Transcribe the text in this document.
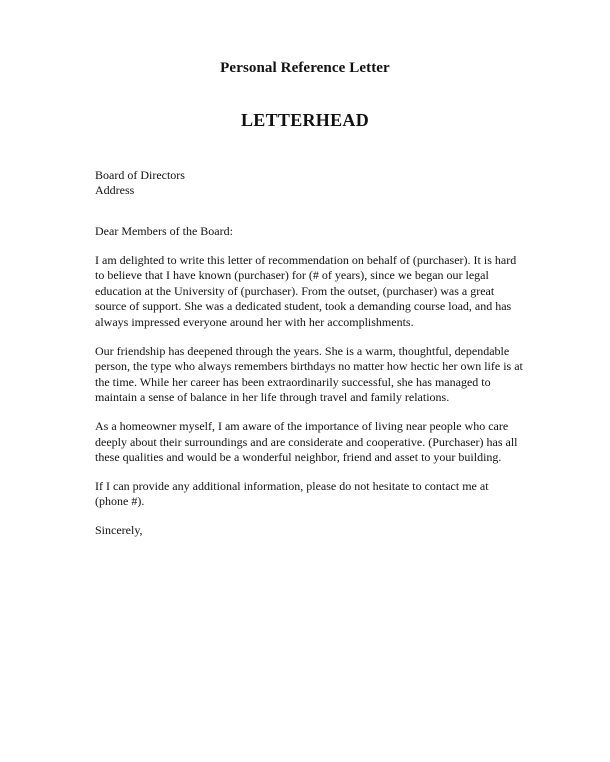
Personal Reference Letter
LETTERHEAD
Board of Directors
Address

Dear Members of the Board:

I am delighted to write this letter of recommendation on behalf of (purchaser). It is hard
to believe that I have known (purchaser) for (# of years), since we began our legal
education at the University of (purchaser). From the outset, (purchaser) was a great
source of support. She was a dedicated student, took a demanding course load, and has
always impressed everyone around her with her accomplishments.

Our friendship has deepened through the years. She is a warm, thoughtful, dependable
person, the type who always remembers birthdays no matter how hectic her own life is at
the time. While her career has been extraordinarily successful, she has managed to
maintain a sense of balance in her life through travel and family relations.

As a homeowner myself, I am aware of the importance of living near people who care
deeply about their surroundings and are considerate and cooperative. (Purchaser) has all
these qualities and would be a wonderful neighbor, friend and asset to your building.

If I can provide any additional information, please do not hesitate to contact me at
(phone #).

Sincerely,
